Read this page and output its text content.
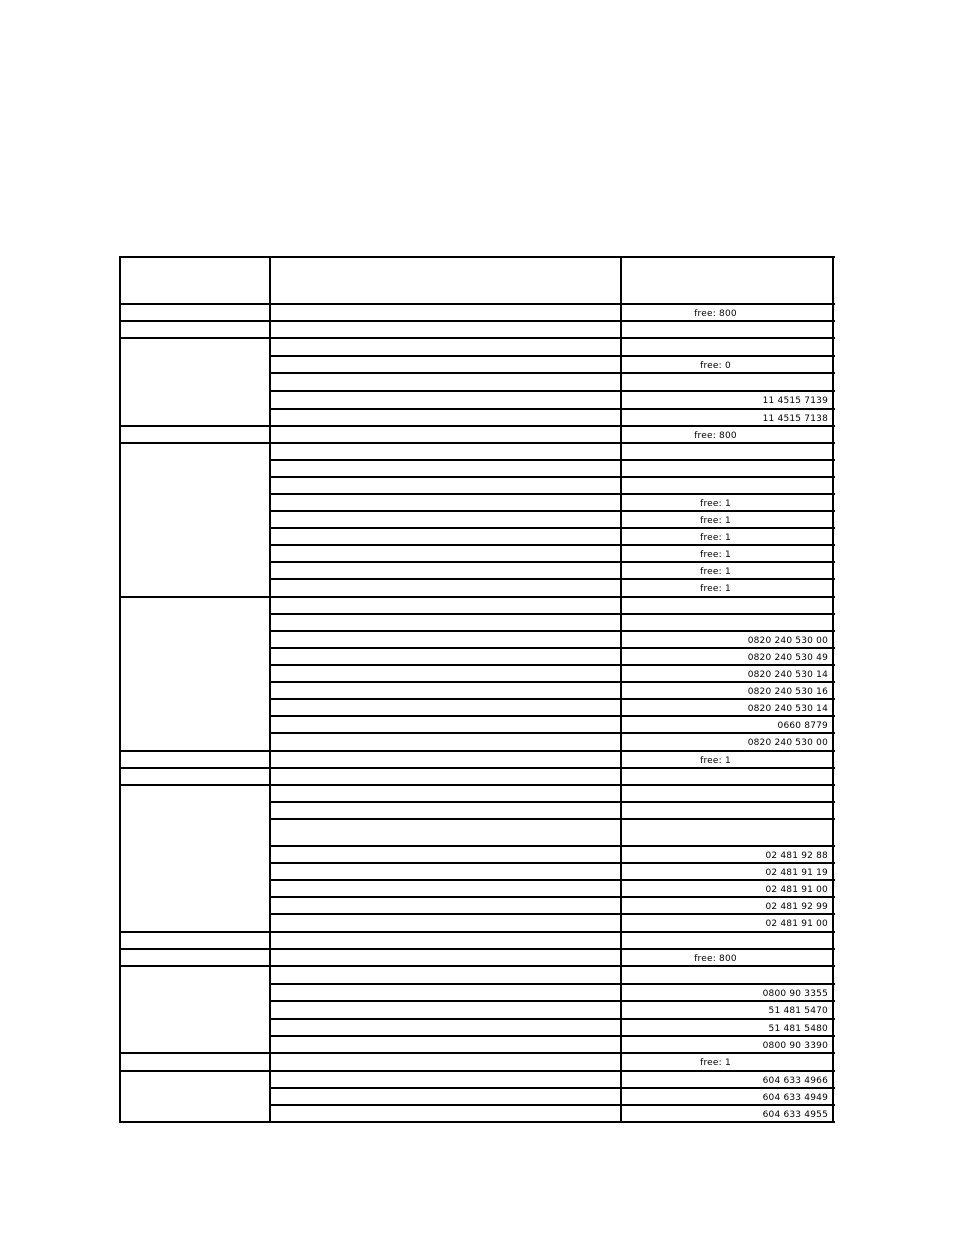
free: 800
free: 0
11 4515 7139
11 4515 7138
free: 800
free: 1
free: 1
free: 1
free: 1
free: 1
free: 1
0820 240 530 00
0820 240 530 49
0820 240 530 14
0820 240 530 16
0820 240 530 14
0660 8779
0820 240 530 00
free: 1
02 481 92 88
02 481 91 19
02 481 91 00
02 481 92 99
02 481 91 00
free: 800
0800 90 3355
51 481 5470
51 481 5480
0800 90 3390
free: 1
604 633 4966
604 633 4949
604 633 4955
